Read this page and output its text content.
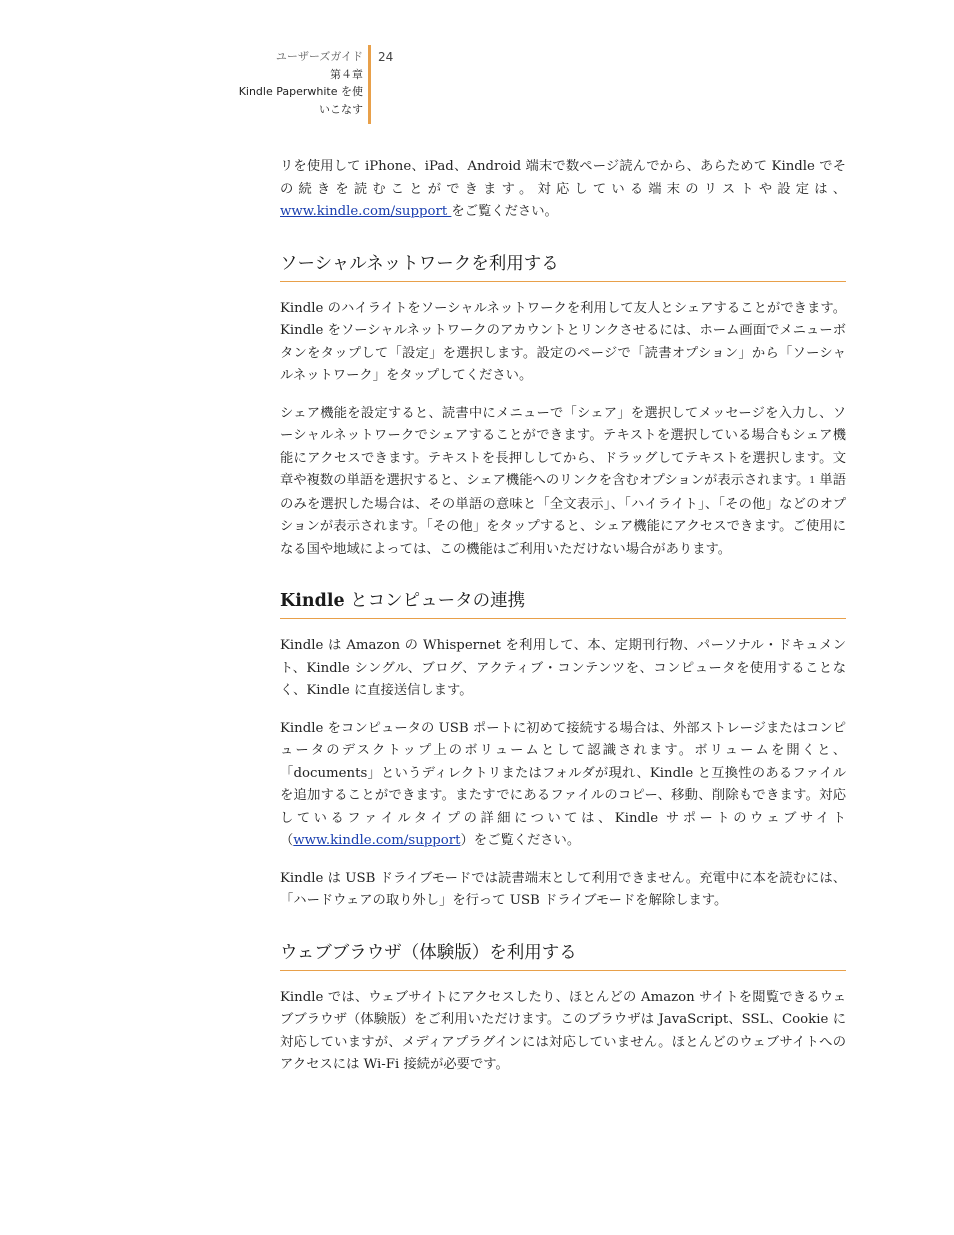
ユーザーズガイド
第４章
Kindle Paperwhite を使
いこなす
24

リを使用して iPhone、iPad、Android 端末で数ページ読んでから、あらためて Kindle でその続きを読むことができます。対応している端末のリストや設定は、www.kindle.com/support をご覧ください。

ソーシャルネットワークを利用する

Kindle のハイライトをソーシャルネットワークを利用して友人とシェアすることができます。Kindle をソーシャルネットワークのアカウントとリンクさせるには、ホーム画面でメニューボタンをタップして「設定」を選択します。設定のページで「読書オプション」から「ソーシャルネットワーク」をタップしてください。

シェア機能を設定すると、読書中にメニューで「シェア」を選択してメッセージを入力し、ソーシャルネットワークでシェアすることができます。テキストを選択している場合もシェア機能にアクセスできます。テキストを長押ししてから、ドラッグしてテキストを選択します。文章や複数の単語を選択すると、シェア機能へのリンクを含むオプションが表示されます。$^1$ 単語のみを選択した場合は、その単語の意味と「全文表示」、「ハイライト」、「その他」などのオプションが表示されます。「その他」をタップすると、シェア機能にアクセスできます。ご使用になる国や地域によっては、この機能はご利用いただけない場合があります。

Kindle とコンピュータの連携

Kindle は Amazon の Whispernet を利用して、本、定期刊行物、パーソナル・ドキュメント、Kindle シングル、ブログ、アクティブ・コンテンツを、コンピュータを使用することなく、Kindle に直接送信します。

Kindle をコンピュータの USB ポートに初めて接続する場合は、外部ストレージまたはコンピュータのデスクトップ上のボリュームとして認識されます。ボリュームを開くと、「documents」というディレクトリまたはフォルダが現れ、Kindle と互換性のあるファイルを追加することができます。またすでにあるファイルのコピー、移動、削除もできます。対応しているファイルタイプの詳細については、Kindle サポートのウェブサイト（www.kindle.com/support）をご覧ください。

Kindle は USB ドライブモードでは読書端末として利用できません。充電中に本を読むには、「ハードウェアの取り外し」を行って USB ドライブモードを解除します。

ウェブブラウザ（体験版）を利用する

Kindle では、ウェブサイトにアクセスしたり、ほとんどの Amazon サイトを閲覧できるウェブブラウザ（体験版）をご利用いただけます。このブラウザは JavaScript、SSL、Cookie に対応していますが、メディアプラグインには対応していません。ほとんどのウェブサイトへのアクセスには Wi-Fi 接続が必要です。
